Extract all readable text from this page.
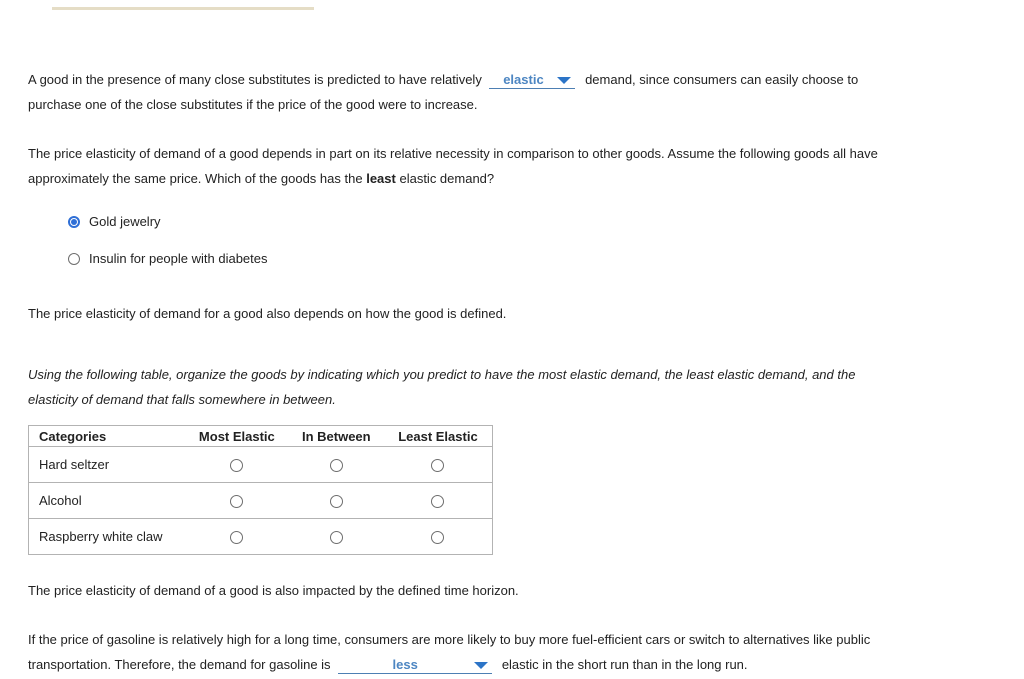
A good in the presence of many close substitutes is predicted to have relatively elastic	demand, since consumers can easily choose to
purchase one of the close substitutes if the price of the good were to increase.

The price elasticity of demand of a good depends in part on its relative necessity in comparison to other goods. Assume the following goods all have
approximately the same price. Which of the goods has the least elastic demand?

Gold jewelry
Insulin for people with diabetes

The price elasticity of demand for a good also depends on how the good is defined.

Using the following table, organize the goods by indicating which you predict to have the most elastic demand, the least elastic demand, and the
elasticity of demand that falls somewhere in between.

Categories	Most Elastic	In Between	Least Elastic
Hard seltzer			
Alcohol			
Raspberry white claw			

The price elasticity of demand of a good is also impacted by the defined time horizon.

If the price of gasoline is relatively high for a long time, consumers are more likely to buy more fuel-efficient cars or switch to alternatives like public
transportation. Therefore, the demand for gasoline is	less	elastic in the short run than in the long run.
